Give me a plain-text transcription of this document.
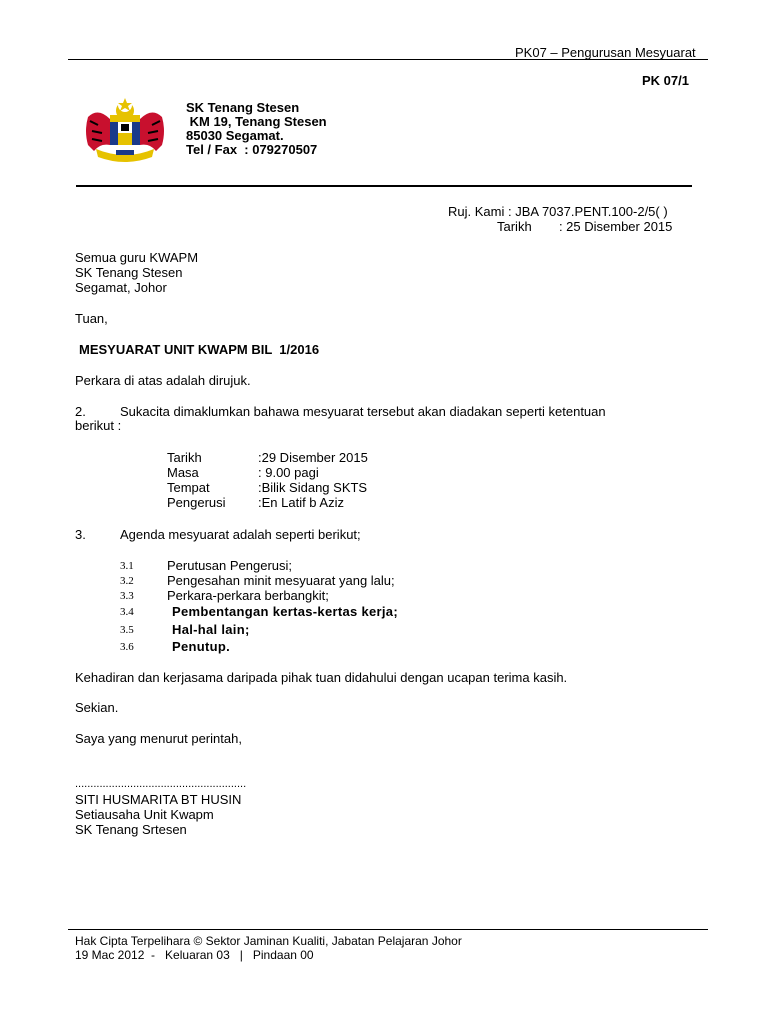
PK07 – Pengurusan Mesyuarat
PK 07/1
SK Tenang Stesen
KM 19, Tenang Stesen
85030 Segamat.
Tel / Fax  : 079270507
Ruj. Kami : JBA 7037.PENT.100-2/5( )
Tarikh : 25 Disember 2015
Semua guru KWAPM
SK Tenang Stesen
Segamat, Johor
Tuan,
MESYUARAT UNIT KWAPM BIL  1/2016
Perkara di atas adalah dirujuk.
2.	Sukacita dimaklumkan bahawa mesyuarat tersebut akan diadakan seperti ketentuan
berikut :
Tarikh	:29 Disember 2015
Masa	: 9.00 pagi
Tempat	:Bilik Sidang SKTS
Pengerusi :En Latif b Aziz
3.	Agenda mesyuarat adalah seperti berikut;
3.1	Perutusan Pengerusi;
3.2	Pengesahan minit mesyuarat yang lalu;
3.3	Perkara-perkara berbangkit;
3.4	Pembentangan kertas-kertas kerja;
3.5	Hal-hal lain;
3.6	Penutup.
Kehadiran dan kerjasama daripada pihak tuan didahului dengan ucapan terima kasih.
Sekian.
Saya yang menurut perintah,
........................................................
SITI HUSMARITA BT HUSIN
Setiausaha Unit Kwapm
SK Tenang Srtesen
Hak Cipta Terpelihara © Sektor Jaminan Kualiti, Jabatan Pelajaran Johor
19 Mac 2012  -   Keluaran 03   |   Pindaan 00
